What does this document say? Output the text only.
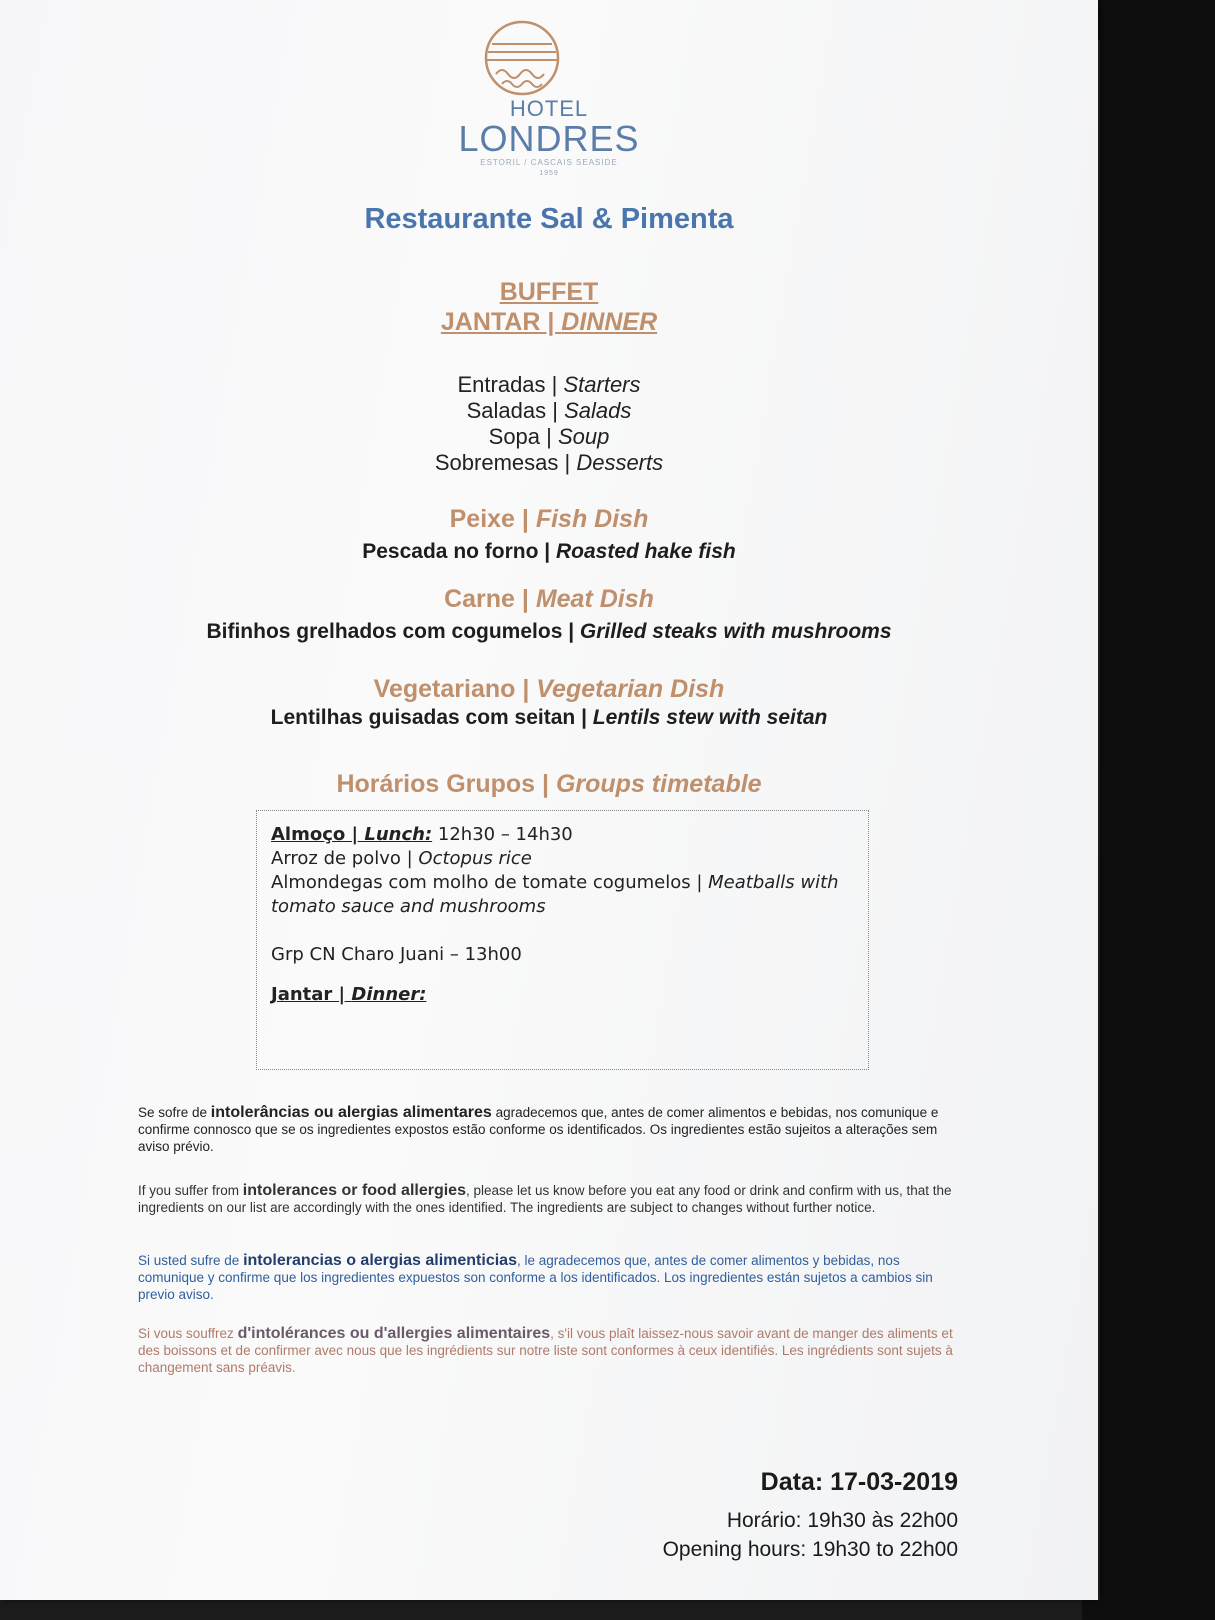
HOTEL
LONDRES
ESTORIL / CASCAIS SEASIDE
1959
Restaurante Sal & Pimenta
BUFFET
JANTAR | DINNER
Entradas | Starters
Saladas | Salads
Sopa | Soup
Sobremesas | Desserts
Peixe | Fish Dish
Pescada no forno | Roasted hake fish
Carne | Meat Dish
Bifinhos grelhados com cogumelos | Grilled steaks with mushrooms
Vegetariano | Vegetarian Dish
Lentilhas guisadas com seitan | Lentils stew with seitan
Horários Grupos | Groups timetable
Almoço | Lunch: 12h30 – 14h30
Arroz de polvo | Octopus rice
Almondegas com molho de tomate cogumelos | Meatballs with tomato sauce and mushrooms
Grp CN Charo Juani – 13h00
Jantar | Dinner:
Se sofre de intolerâncias ou alergias alimentares agradecemos que, antes de comer alimentos e bebidas, nos comunique e confirme connosco que se os ingredientes expostos estão conforme os identificados. Os ingredientes estão sujeitos a alterações sem aviso prévio.
If you suffer from intolerances or food allergies, please let us know before you eat any food or drink and confirm with us, that the ingredients on our list are accordingly with the ones identified. The ingredients are subject to changes without further notice.
Si usted sufre de intolerancias o alergias alimenticias, le agradecemos que, antes de comer alimentos y bebidas, nos comunique y confirme que los ingredientes expuestos son conforme a los identificados. Los ingredientes están sujetos a cambios sin previo aviso.
Si vous souffrez d'intolérances ou d'allergies alimentaires, s'il vous plaît laissez-nous savoir avant de manger des aliments et des boissons et de confirmer avec nous que les ingrédients sur notre liste sont conformes à ceux identifiés. Les ingrédients sont sujets à changement sans préavis.
Data: 17-03-2019
Horário: 19h30 às 22h00
Opening hours: 19h30 to 22h00
